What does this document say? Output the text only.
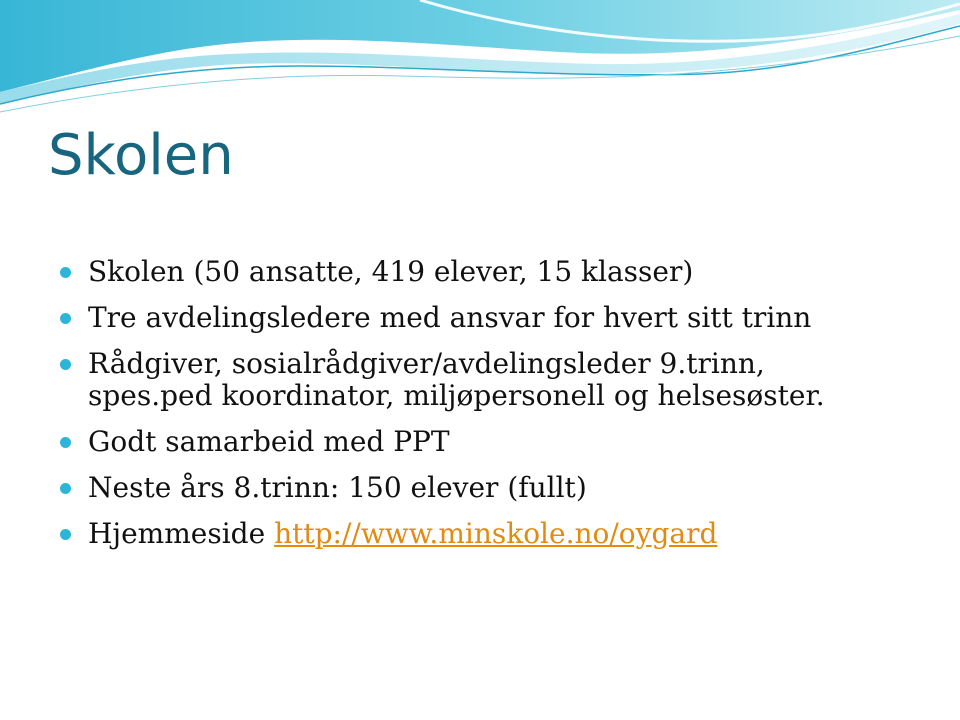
Skolen
Skolen (50 ansatte, 419 elever, 15 klasser)
Tre avdelingsledere med ansvar for hvert sitt trinn
Rådgiver, sosialrådgiver/avdelingsleder 9.trinn, spes.ped koordinator, miljøpersonell og helsesøster.
Godt samarbeid med PPT
Neste års 8.trinn: 150 elever (fullt)
Hjemmeside http://www.minskole.no/oygard
